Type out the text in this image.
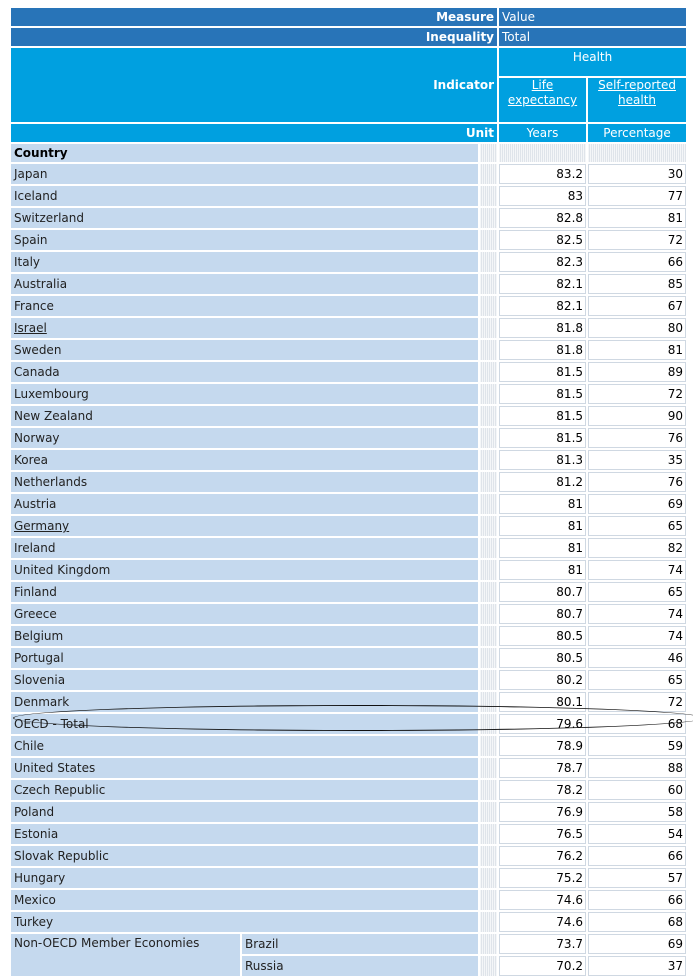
Measure			Value	
Inequality			Total	
Indicator			Health	
			Life expectancy	Self-reported health
Unit			Years	Percentage
Country				
Japan			83.2	30
Iceland			83	77
Switzerland			82.8	81
Spain			82.5	72
Italy			82.3	66
Australia			82.1	85
France			82.1	67
Israel			81.8	80
Sweden			81.8	81
Canada			81.5	89
Luxembourg			81.5	72
New Zealand			81.5	90
Norway			81.5	76
Korea			81.3	35
Netherlands			81.2	76
Austria			81	69
Germany			81	65
Ireland			81	82
United Kingdom			81	74
Finland			80.7	65
Greece			80.7	74
Belgium			80.5	74
Portugal			80.5	46
Slovenia			80.2	65
Denmark			80.1	72
OECD - Total			79.6	68
Chile			78.9	59
United States			78.7	88
Czech Republic			78.2	60
Poland			76.9	58
Estonia			76.5	54
Slovak Republic			76.2	66
Hungary			75.2	57
Mexico			74.6	66
Turkey			74.6	68
Non-OECD Member Economies	Brazil		73.7	69
	Russia		70.2	37
